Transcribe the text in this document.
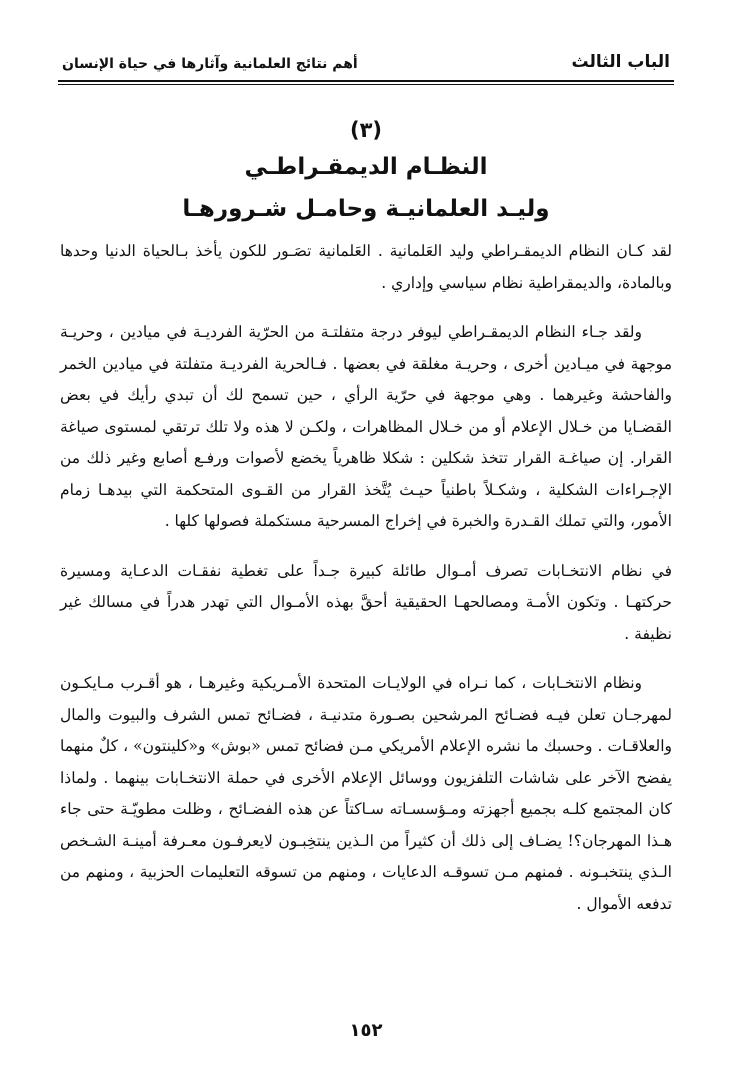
الباب الثالث
أهم نتائج العلمانية وآثارها في حياة الإنسان
(٣)
النظـام الديمقـراطـي
وليـد العلمانيـة وحامـل شـرورهـا

لقد كـان النظام الديمقـراطي وليد العَلمانية . العَلمانية تصَـور للكون يأخذ بـالحياة الدنيا وحدها وبالمادة، والديمقراطية نظام سياسي وإداري .

ولقد جـاء النظام الديمقـراطي ليوفر درجة متفلتـة من الحرّية الفرديـة في ميادين ، وحريـة موجهة في ميـادين أخرى ، وحريـة مغلقة في بعضها . فـالحرية الفرديـة متفلتة في ميادين الخمر والفاحشة وغيرهما . وهي موجهة في حرّية الرأي ، حين تسمح لك أن تبدي رأيك في بعض القضـايا من خـلال الإعلام أو من خـلال المظاهرات ، ولكـن لا هذه ولا تلك ترتقي لمستوى صياغة القرار. إن صياغـة القرار تتخذ شكلين : شكلا ظاهرياً يخضع لأصوات ورفـع أصابع وغير ذلك من الإجـراءات الشكلية ، وشكـلاً باطنياً حيـث يُتَّخذ القرار من القـوى المتحكمة التي بيدهـا زمام الأمور، والتي تملك القـدرة والخبرة في إخراج المسرحية مستكملة فصولها كلها .

في نظام الانتخـابات تصرف أمـوال طائلة كبيرة جـداً على تغطية نفقـات الدعـاية ومسيرة حركتهـا . وتكون الأمـة ومصالحهـا الحقيقية أحقَّ بهذه الأمـوال التي تهدر هدراً في مسالك غير نظيفة .

ونظام الانتخـابات ، كما نـراه في الولايـات المتحدة الأمـريكية وغيرهـا ، هو أقـرب مـايكـون لمهرجـان تعلن فيـه فضـائح المرشحين بصـورة متدنيـة ، فضـائح تمس الشرف والبيوت والمال والعلاقـات . وحسبك ما نشره الإعلام الأمريكي مـن فضائح تمس «بوش» و«كلينتون» ، كلٌ منهما يفضح الآخر على شاشات التلفزيون ووسائل الإعلام الأخرى في حملة الانتخـابات بينهما . ولماذا كان المجتمع كلـه بجميع أجهزته ومـؤسسـاته سـاكتاً عن هذه الفضـائح ، وظلت مطويّـة حتى جاء هـذا المهرجان؟! يضـاف إلى ذلك أن كثيراً من الـذين ينتخِبـون لايعرفـون معـرفة أمينـة الشـخص الـذي ينتخبـونه . فمنهم مـن تسوقـه الدعايات ، ومنهم من تسوقه التعليمات الحزبية ، ومنهم من تدفعه الأموال .

١٥٢
